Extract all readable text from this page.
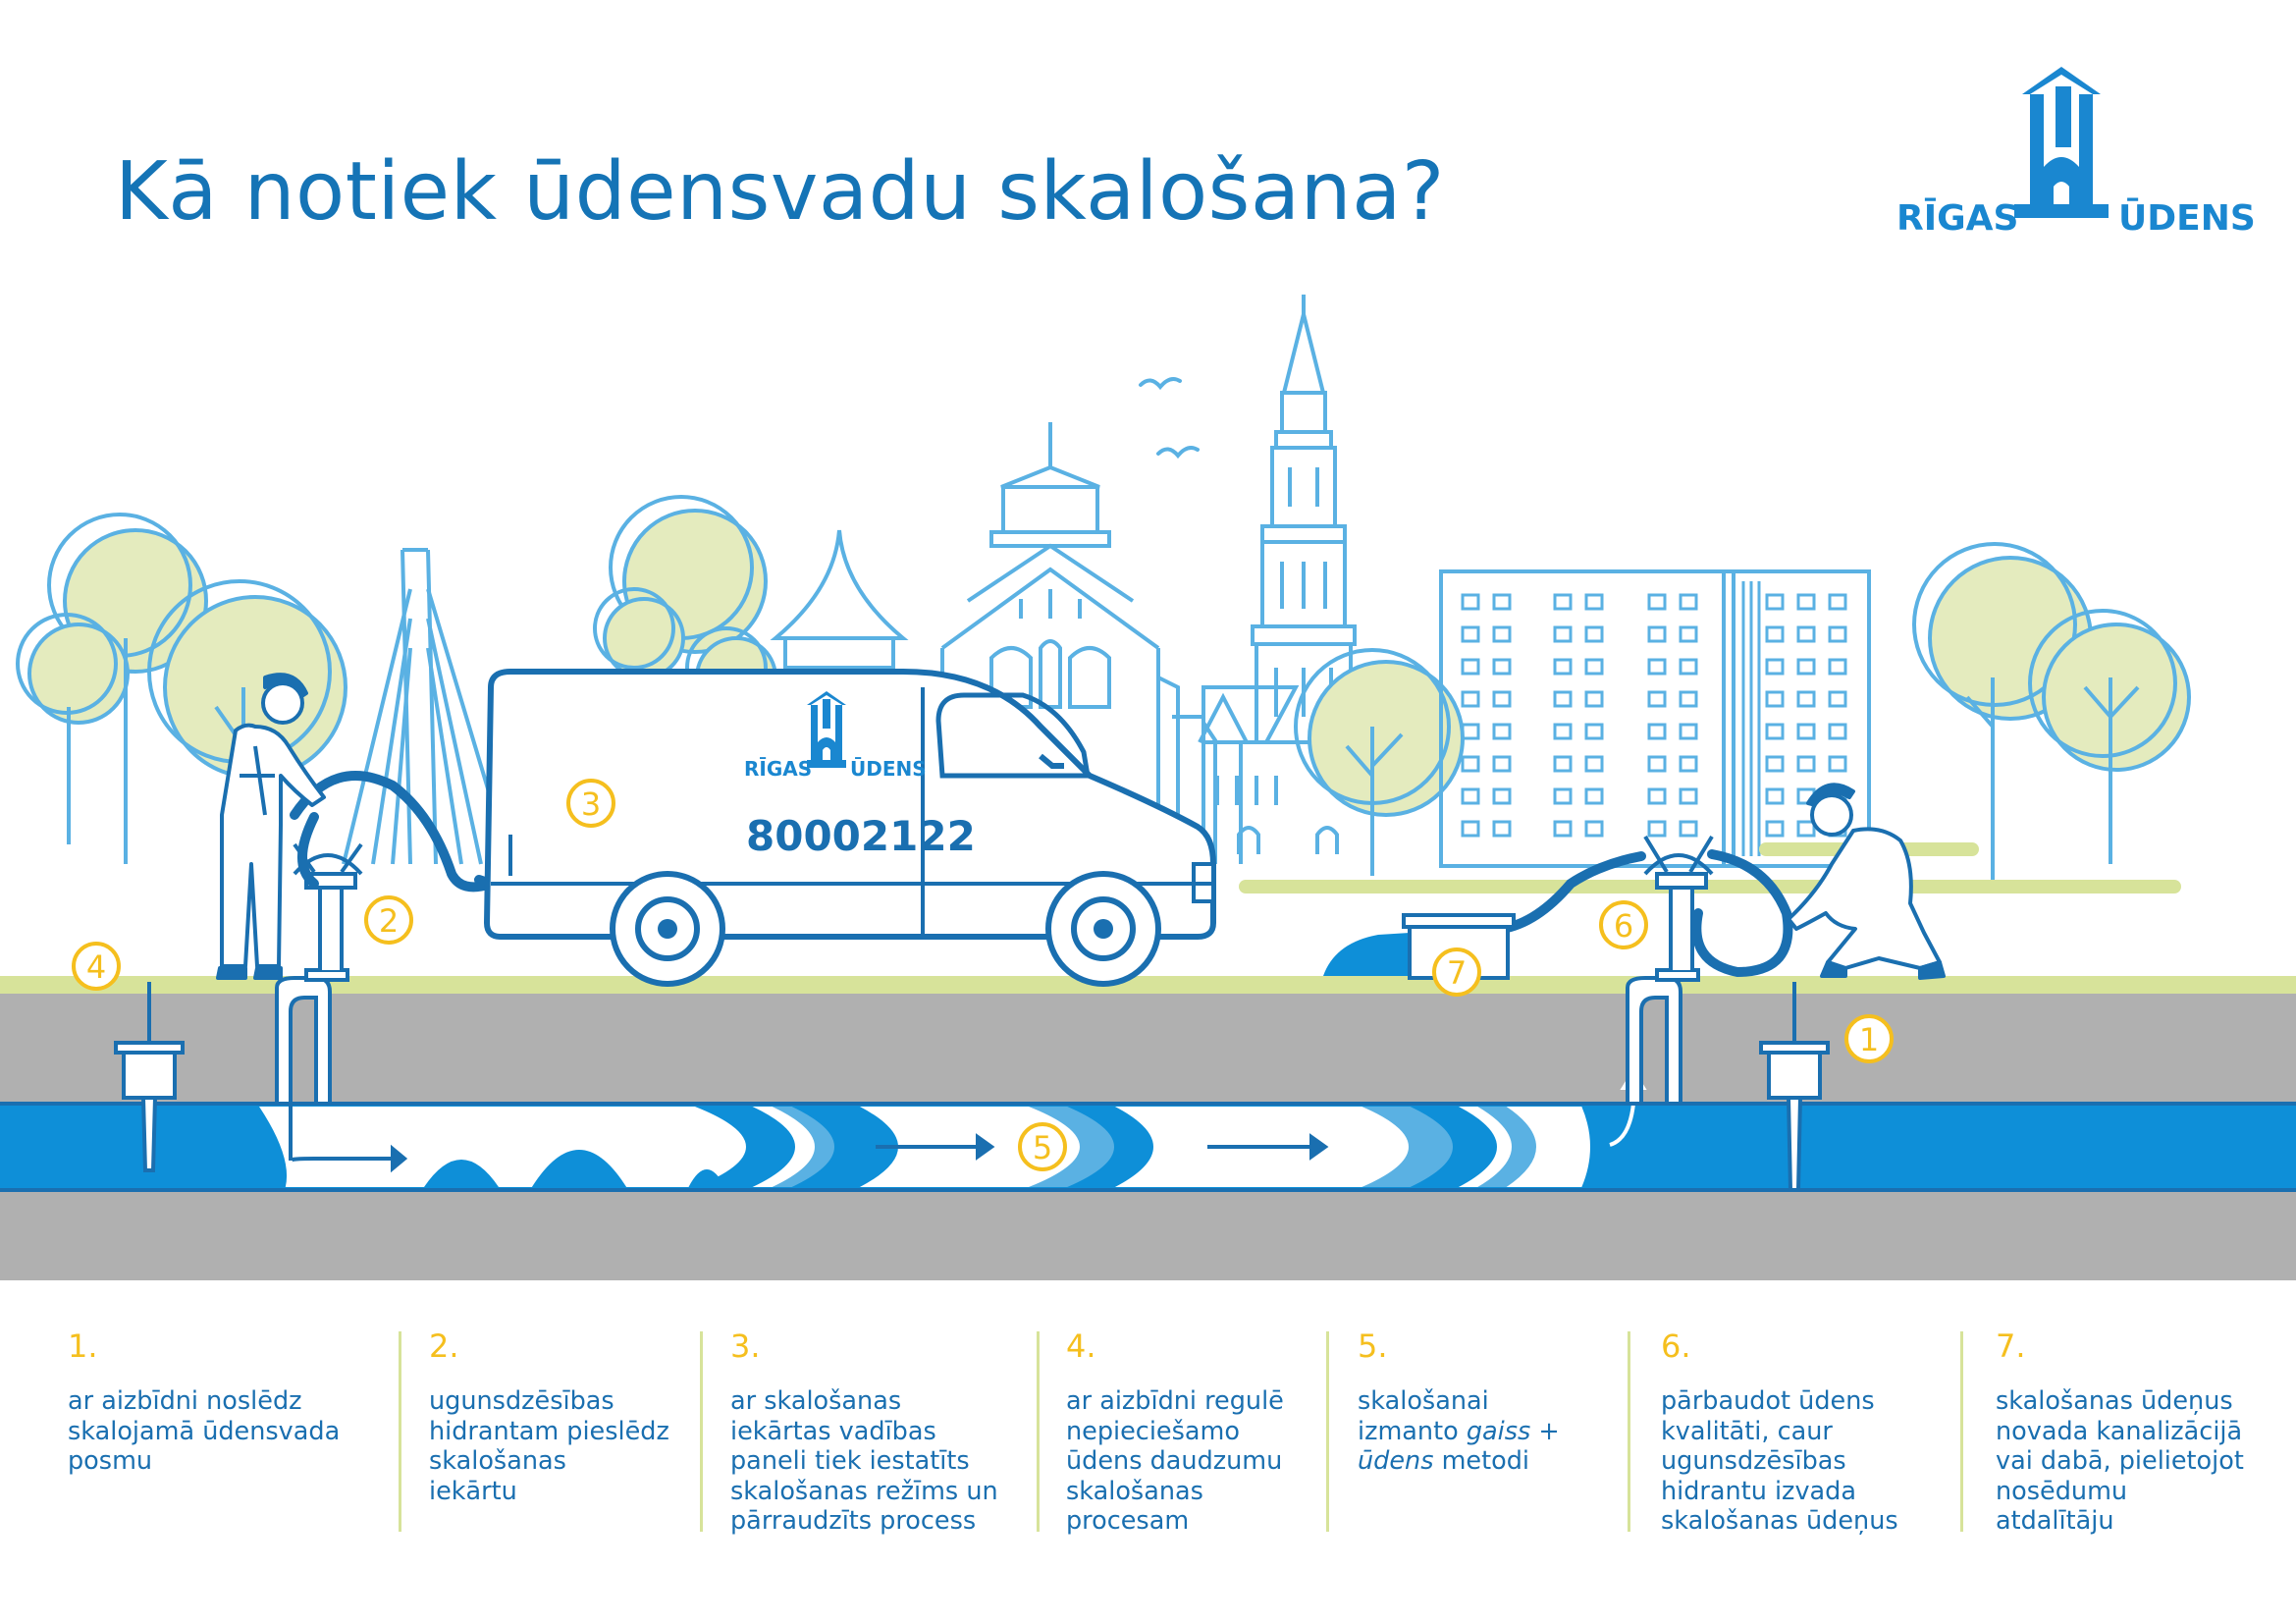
Kā notiek ūdensvadu skalošana?	RĪGAS	ŪDENS
RĪGAS ŪDENS
80002122
1
2
3
4
5
6
7

1.

ar aizbīdni noslēdz
skalojamā ūdensvada
posmu

2.

ugunsdzēsības
hidrantam pieslēdz
skalošanas
iekārtu

3.

ar skalošanas
iekārtas vadības
paneli tiek iestatīts
skalošanas režīms un
pārraudzīts process

4.

ar aizbīdni regulē
nepieciešamo
ūdens daudzumu
skalošanas
procesam

5.

skalošanai
izmanto gaiss +
ūdens metodi

6.

pārbaudot ūdens
kvalitāti, caur
ugunsdzēsības
hidrantu izvada
skalošanas ūdeņus

7.

skalošanas ūdeņus
novada kanalizācijā
vai dabā, pielietojot
nosēdumu
atdalītāju
